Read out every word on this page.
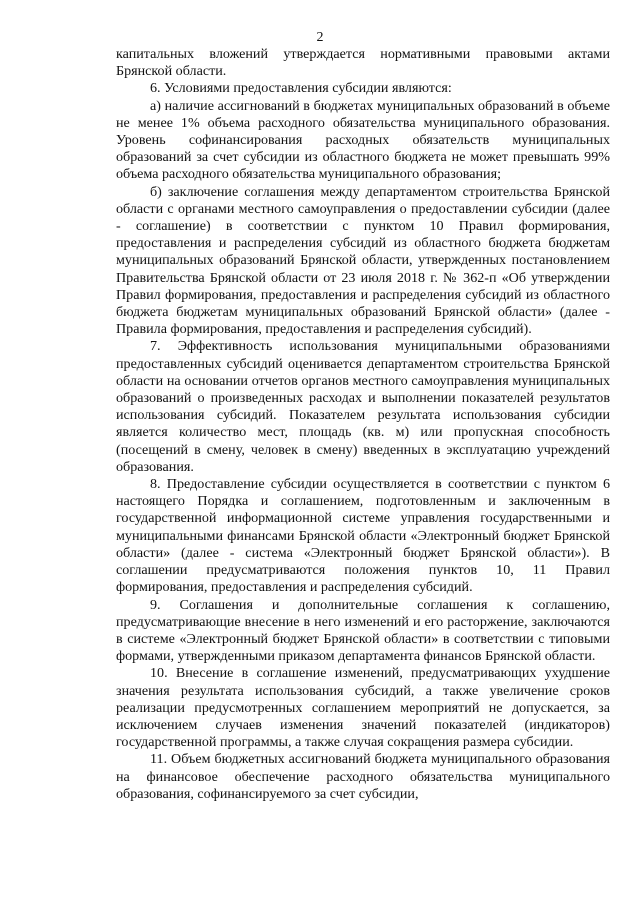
2

капитальных вложений утверждается нормативными правовыми актами Брянской области.

6. Условиями предоставления субсидии являются:

а) наличие ассигнований в бюджетах муниципальных образований в объеме не менее 1% объема расходного обязательства муниципального образования. Уровень софинансирования расходных обязательств муниципальных образований за счет субсидии из областного бюджета не может превышать 99% объема расходного обязательства муниципального образования;

б) заключение соглашения между департаментом строительства Брянской области с органами местного самоуправления о предоставлении субсидии (далее - соглашение) в соответствии с пунктом 10 Правил формирования, предоставления и распределения субсидий из областного бюджета бюджетам муниципальных образований Брянской области, утвержденных постановлением Правительства Брянской области от 23 июля 2018 г. № 362-п «Об утверждении Правил формирования, предоставления и распределения субсидий из областного бюджета бюджетам муниципальных образований Брянской области» (далее - Правила формирования, предоставления и распределения субсидий).

7. Эффективность использования муниципальными образованиями предоставленных субсидий оценивается департаментом строительства Брянской области на основании отчетов органов местного самоуправления муниципальных образований о произведенных расходах и выполнении показателей результатов использования субсидий. Показателем результата использования субсидии является количество мест, площадь (кв. м) или пропускная способность (посещений в смену, человек в смену) введенных в эксплуатацию учреждений образования.

8. Предоставление субсидии осуществляется в соответствии с пунктом 6 настоящего Порядка и соглашением, подготовленным и заключенным в государственной информационной системе управления государственными и муниципальными финансами Брянской области «Электронный бюджет Брянской области» (далее - система «Электронный бюджет Брянской области»). В соглашении предусматриваются положения пунктов 10, 11 Правил формирования, предоставления и распределения субсидий.

9. Соглашения и дополнительные соглашения к соглашению, предусматривающие внесение в него изменений и его расторжение, заключаются в системе «Электронный бюджет Брянской области» в соответствии с типовыми формами, утвержденными приказом департамента финансов Брянской области.

10. Внесение в соглашение изменений, предусматривающих ухудшение значения результата использования субсидий, а также увеличение сроков реализации предусмотренных соглашением мероприятий не допускается, за исключением случаев изменения значений показателей (индикаторов) государственной программы, а также случая сокращения размера субсидии.

11. Объем бюджетных ассигнований бюджета муниципального образования на финансовое обеспечение расходного обязательства муниципального образования, софинансируемого за счет субсидии,
